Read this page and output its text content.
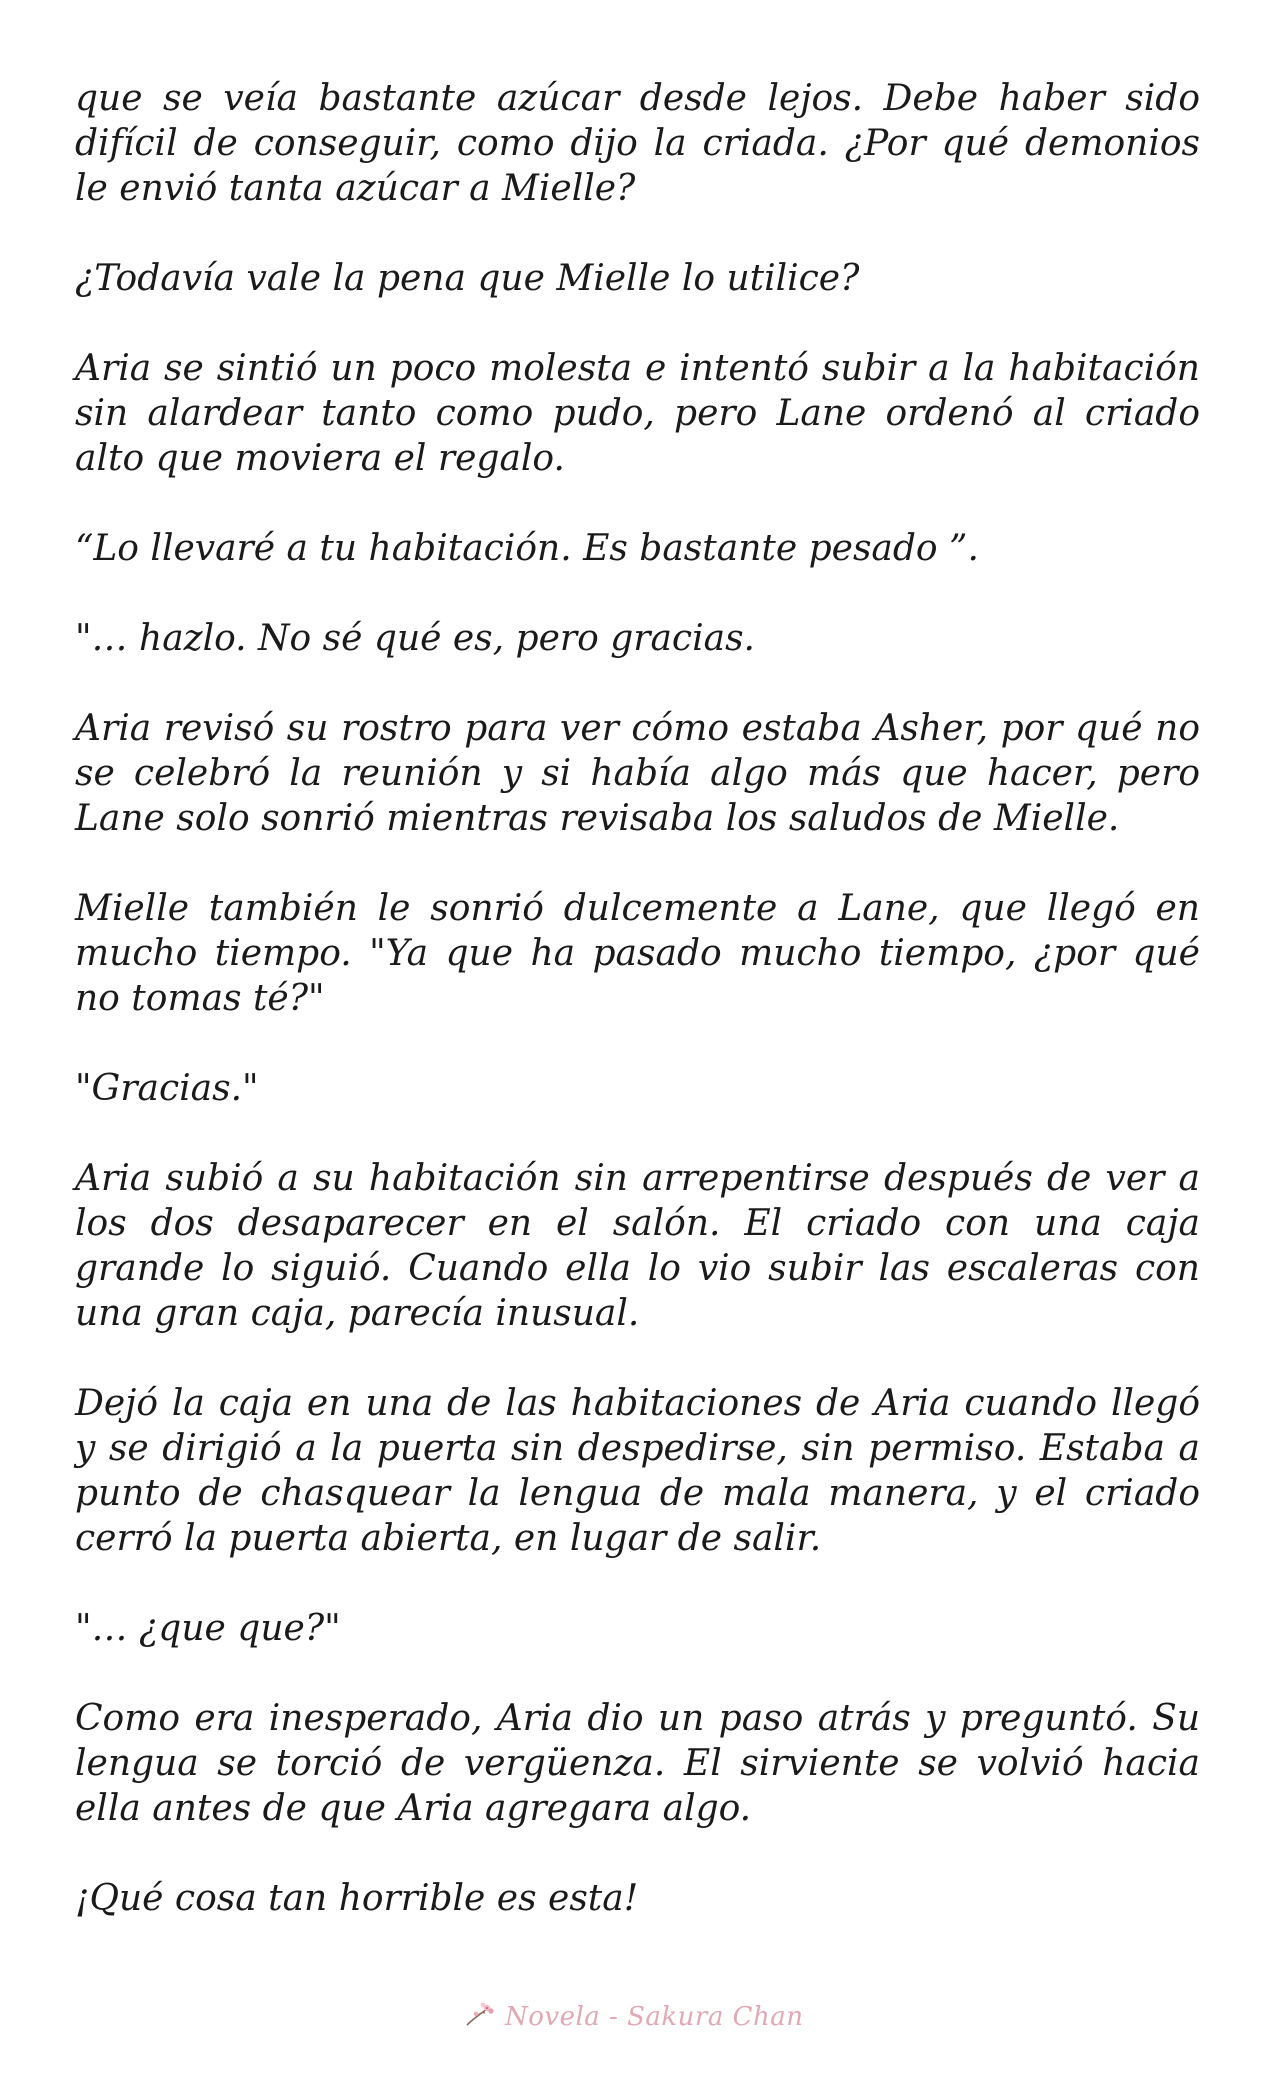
que se veía bastante azúcar desde lejos. Debe haber sido difícil de conseguir, como dijo la criada. ¿Por qué demonios le envió tanta azúcar a Mielle?

¿Todavía vale la pena que Mielle lo utilice?

Aria se sintió un poco molesta e intentó subir a la habitación sin alardear tanto como pudo, pero Lane ordenó al criado alto que moviera el regalo.

“Lo llevaré a tu habitación. Es bastante pesado ”.

"… hazlo. No sé qué es, pero gracias.

Aria revisó su rostro para ver cómo estaba Asher, por qué no se celebró la reunión y si había algo más que hacer, pero Lane solo sonrió mientras revisaba los saludos de Mielle.

Mielle también le sonrió dulcemente a Lane, que llegó en mucho tiempo. "Ya que ha pasado mucho tiempo, ¿por qué no tomas té?"

"Gracias."

Aria subió a su habitación sin arrepentirse después de ver a los dos desaparecer en el salón. El criado con una caja grande lo siguió. Cuando ella lo vio subir las escaleras con una gran caja, parecía inusual.

Dejó la caja en una de las habitaciones de Aria cuando llegó y se dirigió a la puerta sin despedirse, sin permiso. Estaba a punto de chasquear la lengua de mala manera, y el criado cerró la puerta abierta, en lugar de salir.

"… ¿que que?"

Como era inesperado, Aria dio un paso atrás y preguntó. Su lengua se torció de vergüenza. El sirviente se volvió hacia ella antes de que Aria agregara algo.

¡Qué cosa tan horrible es esta!

Novela - Sakura Chan
